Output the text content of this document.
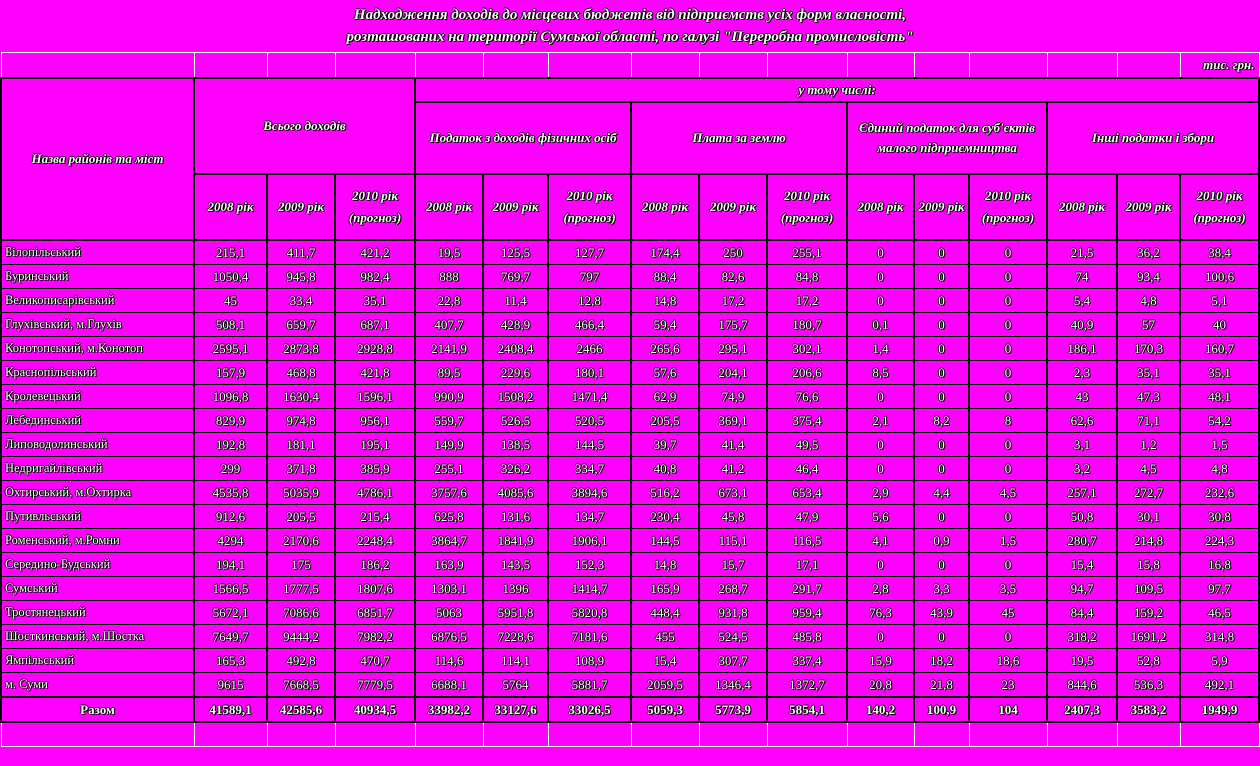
Надходження доходів до місцевих бюджетів від підприємств усіх форм власності,
розташованих на території Сумської області, по галузі "Переробна промисловість"
															тис. грн.
Назва районів та міст	Всього доходів			у тому числі:											
				Податок з доходів фізичних осіб			Плата за землю			Єдиний податок для суб'єктів малого підприємництва			Інші податки і збори		
	2008 рік	2009 рік	2010 рік (прогноз)	2008 рік	2009 рік	2010 рік (прогноз)	2008 рік	2009 рік	2010 рік (прогноз)	2008 рік	2009 рік	2010 рік (прогноз)	2008 рік	2009 рік	2010 рік (прогноз)
Білопільський	215,1	411,7	421,2	19,5	125,5	127,7	174,4	250	255,1	0	0	0	21,5	36,2	38,4
Буринський	1050,4	945,8	982,4	888	769,7	797	88,4	82,6	84,8	0	0	0	74	93,4	100,6
Великописарівський	45	33,4	35,1	22,8	11,4	12,8	14,8	17,2	17,2	0	0	0	5,4	4,8	5,1
Глухівський, м.Глухів	508,1	659,7	687,1	407,7	428,9	466,4	59,4	175,7	180,7	0,1	0	0	40,9	57	40
Конотопський, м.Конотоп	2595,1	2873,8	2928,8	2141,9	2408,4	2466	265,6	295,1	302,1	1,4	0	0	186,1	170,3	160,7
Краснопільський	157,9	468,8	421,8	89,5	229,6	180,1	57,6	204,1	206,6	8,5	0	0	2,3	35,1	35,1
Кролевецький	1096,8	1630,4	1596,1	990,9	1508,2	1471,4	62,9	74,9	76,6	0	0	0	43	47,3	48,1
Лебединський	829,9	974,8	956,1	559,7	526,5	520,5	205,5	369,1	375,4	2,1	8,2	8	62,6	71,1	54,2
Липоводолинський	192,8	181,1	195,1	149,9	138,5	144,5	39,7	41,4	49,5	0	0	0	3,1	1,2	1,5
Недригайлівський	299	371,8	385,9	255,1	326,2	334,7	40,8	41,2	46,4	0	0	0	3,2	4,5	4,8
Охтирський, м.Охтирка	4535,8	5035,9	4786,1	3757,6	4085,6	3894,6	516,2	673,1	653,4	2,9	4,4	4,5	257,1	272,7	232,6
Путивльський	912,6	205,5	215,4	625,8	131,6	134,7	230,4	45,8	47,9	5,6	0	0	50,8	30,1	30,8
Роменський, м.Ромни	4294	2170,6	2248,4	3864,7	1841,9	1906,1	144,5	115,1	116,5	4,1	0,9	1,5	280,7	214,8	224,3
Середино-Будський	194,1	175	186,2	163,9	143,5	152,3	14,8	15,7	17,1	0	0	0	15,4	15,8	16,8
Сумський	1566,5	1777,5	1807,6	1303,1	1396	1414,7	165,9	268,7	291,7	2,8	3,3	3,5	94,7	109,5	97,7
Тростянецький	5672,1	7086,6	6851,7	5063	5951,8	5820,8	448,4	931,8	959,4	76,3	43,9	45	84,4	159,2	46,5
Шосткинський, м.Шостка	7649,7	9444,2	7982,2	6876,5	7228,6	7181,6	455	524,5	485,8	0	0	0	318,2	1691,2	314,8
Ямпільський	165,3	492,8	470,7	114,6	114,1	108,9	15,4	307,7	337,4	15,9	18,2	18,6	19,5	52,8	5,9
м. Суми	9615	7668,5	7779,5	6688,1	5764	5881,7	2059,5	1346,4	1372,7	20,8	21,8	23	844,6	536,3	492,1
Разом	41589,1	42585,6	40934,5	33982,2	33127,6	33026,5	5059,3	5773,9	5854,1	140,2	100,9	104	2407,3	3583,2	1949,9
